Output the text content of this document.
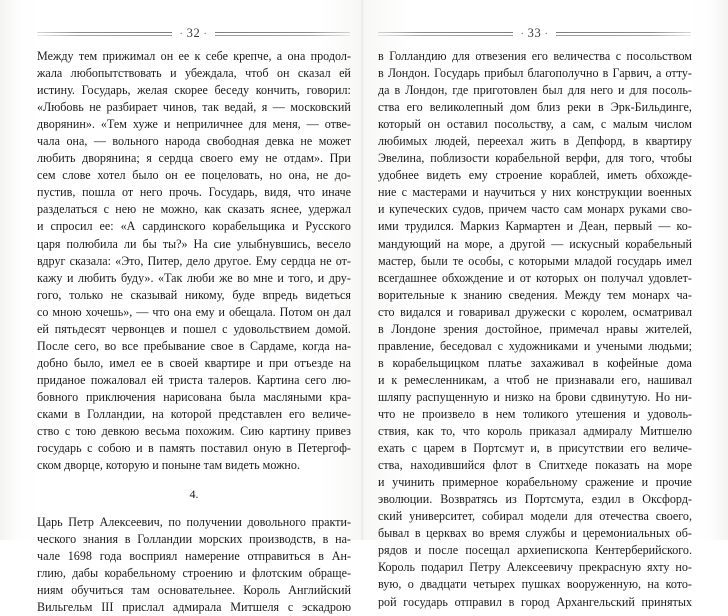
· 32 ·
Между тем прижимал он ее к себе крепче, а она продол-
жала любопытствовать и убеждала, чтоб он сказал ей
истину. Государь, желая скорее беседу кончить, говорил:
«Любовь не разбирает чинов, так ведай, я — московский
дворянин». «Тем хуже и неприличнее для меня, — отве-
чала она, — вольного народа свободная девка не может
любить дворянина; я сердца своего ему не отдам». При
сем слове хотел было он ее поцеловать, но она, не до-
пустив, пошла от него прочь. Государь, видя, что иначе
разделаться с нею не можно, как сказать яснее, удержал
и спросил ее: «А сардинского корабельщика и Русского
царя полюбила ли бы ты?» На сие улыбнувшись, весело
вдруг сказала: «Это, Питер, дело другое. Ему сердца не от-
кажу и любить буду». «Так люби же во мне и того, и дру-
гого, только не сказывай никому, буде впредь видеться
со мною хочешь», — что она ему и обещала. Потом он дал
ей пятьдесят червонцев и пошел с удовольствием домой.
После сего, во все пребывание свое в Сардаме, когда на-
добно было, имел ее в своей квартире и при отъезде на
приданое пожаловал ей триста талеров. Картина сего лю-
бовного приключения нарисована была масляными кра-
сками в Голландии, на которой представлен его величе-
ство с тою девкою весьма похожим. Сию картину привез
государь с собою и в память поставил оную в Петергоф-
ском дворце, которую и поныне там видеть можно.
4.
Царь Петр Алексеевич, по получении довольного практи-
ческого знания в Голландии морских производств, в на-
чале 1698 года восприял намерение отправиться в Ан-
глию, дабы корабельному строению и флотским обраще-
ниям обучиться там основательнее. Король Английский
Вильгельм III прислал адмирала Митшеля с эскадрою
· 33 ·
в Голландию для отвезения его величества с посольством
в Лондон. Государь прибыл благополучно в Гарвич, а отту-
да в Лондон, где приготовлен был для него и для посоль-
ства его великолепный дом близ реки в Эрк-Бильдинге,
который он оставил посольству, а сам, с малым числом
любимых людей, переехал жить в Депфорд, в квартиру
Эвелина, поблизости корабельной верфи, для того, чтобы
удобнее видеть ему строение кораблей, иметь обхожде-
ние с мастерами и научиться у них конструкции военных
и купеческих судов, причем часто сам монарх руками сво-
ими трудился. Маркиз Кармартен и Деан, первый — ко-
мандующий на море, а другой — искусный корабельный
мастер, были те особы, с которыми младой государь имел
всегдашнее обхождение и от которых он получал удовлет-
ворительные к знанию сведения. Между тем монарх ча-
сто видался и говаривал дружески с королем, осматривал
в Лондоне зрения достойное, примечал нравы жителей,
правление, беседовал с художниками и учеными людьми;
в корабельщицком платье захаживал в кофейные дома
и к ремесленникам, а чтоб не признавали его, нашивал
шляпу распущенную и низко на брови сдвинутую. Но ни-
что не произвело в нем толикого утешения и удоволь-
ствия, как то, что король приказал адмиралу Митшелю
ехать с царем в Портсмут и, в присутствии его величе-
ства, находившийся флот в Спитхеде показать на море
и учинить примерное корабельному сражение и прочие
эволюции. Возвратясь из Портсмута, ездил в Оксфорд-
ский университет, собирал модели для отечества своего,
бывал в церквах во время службы и церемониальных об-
рядов и после посещал архиепископа Кентерберийского.
Король подарил Петру Алексеевичу прекрасную яхту но-
вую, о двадцати четырех пушках вооруженную, на кото-
рой государь отправил в город Архангельский принятых
